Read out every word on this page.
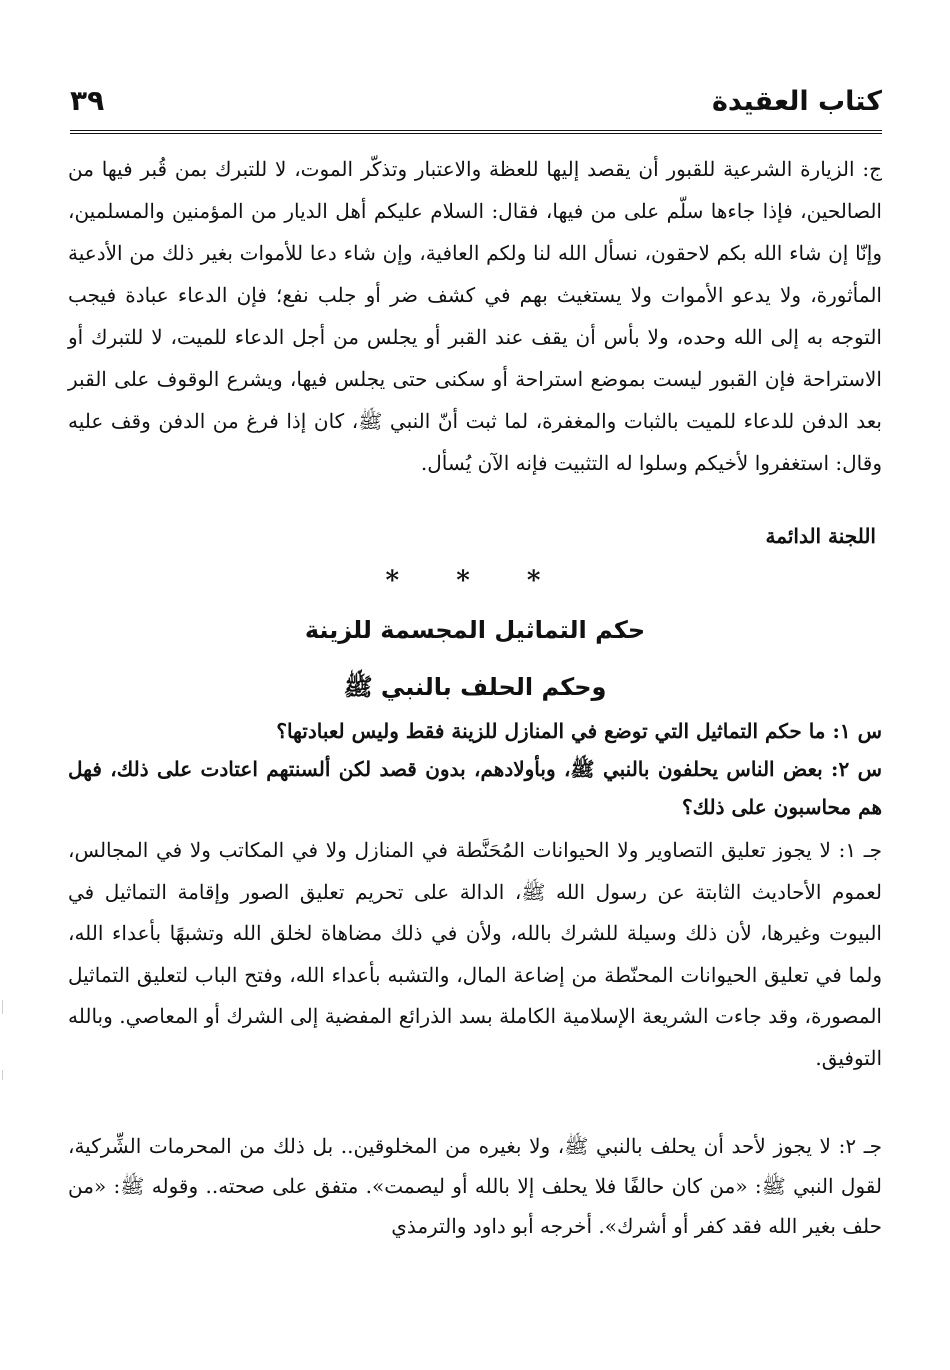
كتاب العقيدة
٣٩

ج: الزيارة الشرعية للقبور أن يقصد إليها للعظة والاعتبار وتذكّر الموت، لا للتبرك بمن قُبر فيها من الصالحين، فإذا جاءها سلّم على من فيها، فقال: السلام عليكم أهل الديار من المؤمنين والمسلمين، وإنّا إن شاء الله بكم لاحقون، نسأل الله لنا ولكم العافية، وإن شاء دعا للأموات بغير ذلك من الأدعية المأثورة، ولا يدعو الأموات ولا يستغيث بهم في كشف ضر أو جلب نفع؛ فإن الدعاء عبادة فيجب التوجه به إلى الله وحده، ولا بأس أن يقف عند القبر أو يجلس من أجل الدعاء للميت، لا للتبرك أو الاستراحة فإن القبور ليست بموضع استراحة أو سكنى حتى يجلس فيها، ويشرع الوقوف على القبر بعد الدفن للدعاء للميت بالثبات والمغفرة، لما ثبت أنّ النبي ﷺ، كان إذا فرغ من الدفن وقف عليه وقال: استغفروا لأخيكم وسلوا له التثبيت فإنه الآن يُسأل.

اللجنة الدائمة
* * *
حكم التماثيل المجسمة للزينة
وحكم الحلف بالنبي ﷺ

س ١: ما حكم التماثيل التي توضع في المنازل للزينة فقط وليس لعبادتها؟

س ٢: بعض الناس يحلفون بالنبي ﷺ، وبأولادهم، بدون قصد لكن ألسنتهم اعتادت على ذلك، فهل هم محاسبون على ذلك؟

جـ ١: لا يجوز تعليق التصاوير ولا الحيوانات المُحَنَّطة في المنازل ولا في المكاتب ولا في المجالس، لعموم الأحاديث الثابتة عن رسول الله ﷺ، الدالة على تحريم تعليق الصور وإقامة التماثيل في البيوت وغيرها، لأن ذلك وسيلة للشرك بالله، ولأن في ذلك مضاهاة لخلق الله وتشبهًا بأعداء الله، ولما في تعليق الحيوانات المحنّطة من إضاعة المال، والتشبه بأعداء الله، وفتح الباب لتعليق التماثيل المصورة، وقد جاءت الشريعة الإسلامية الكاملة بسد الذرائع المفضية إلى الشرك أو المعاصي. وبالله التوفيق.

جـ ٢: لا يجوز لأحد أن يحلف بالنبي ﷺ، ولا بغيره من المخلوقين.. بل ذلك من المحرمات الشِّركية، لقول النبي ﷺ: «من كان حالفًا فلا يحلف إلا بالله أو ليصمت». متفق على صحته.. وقوله ﷺ: «من حلف بغير الله فقد كفر أو أشرك». أخرجه أبو داود والترمذي
